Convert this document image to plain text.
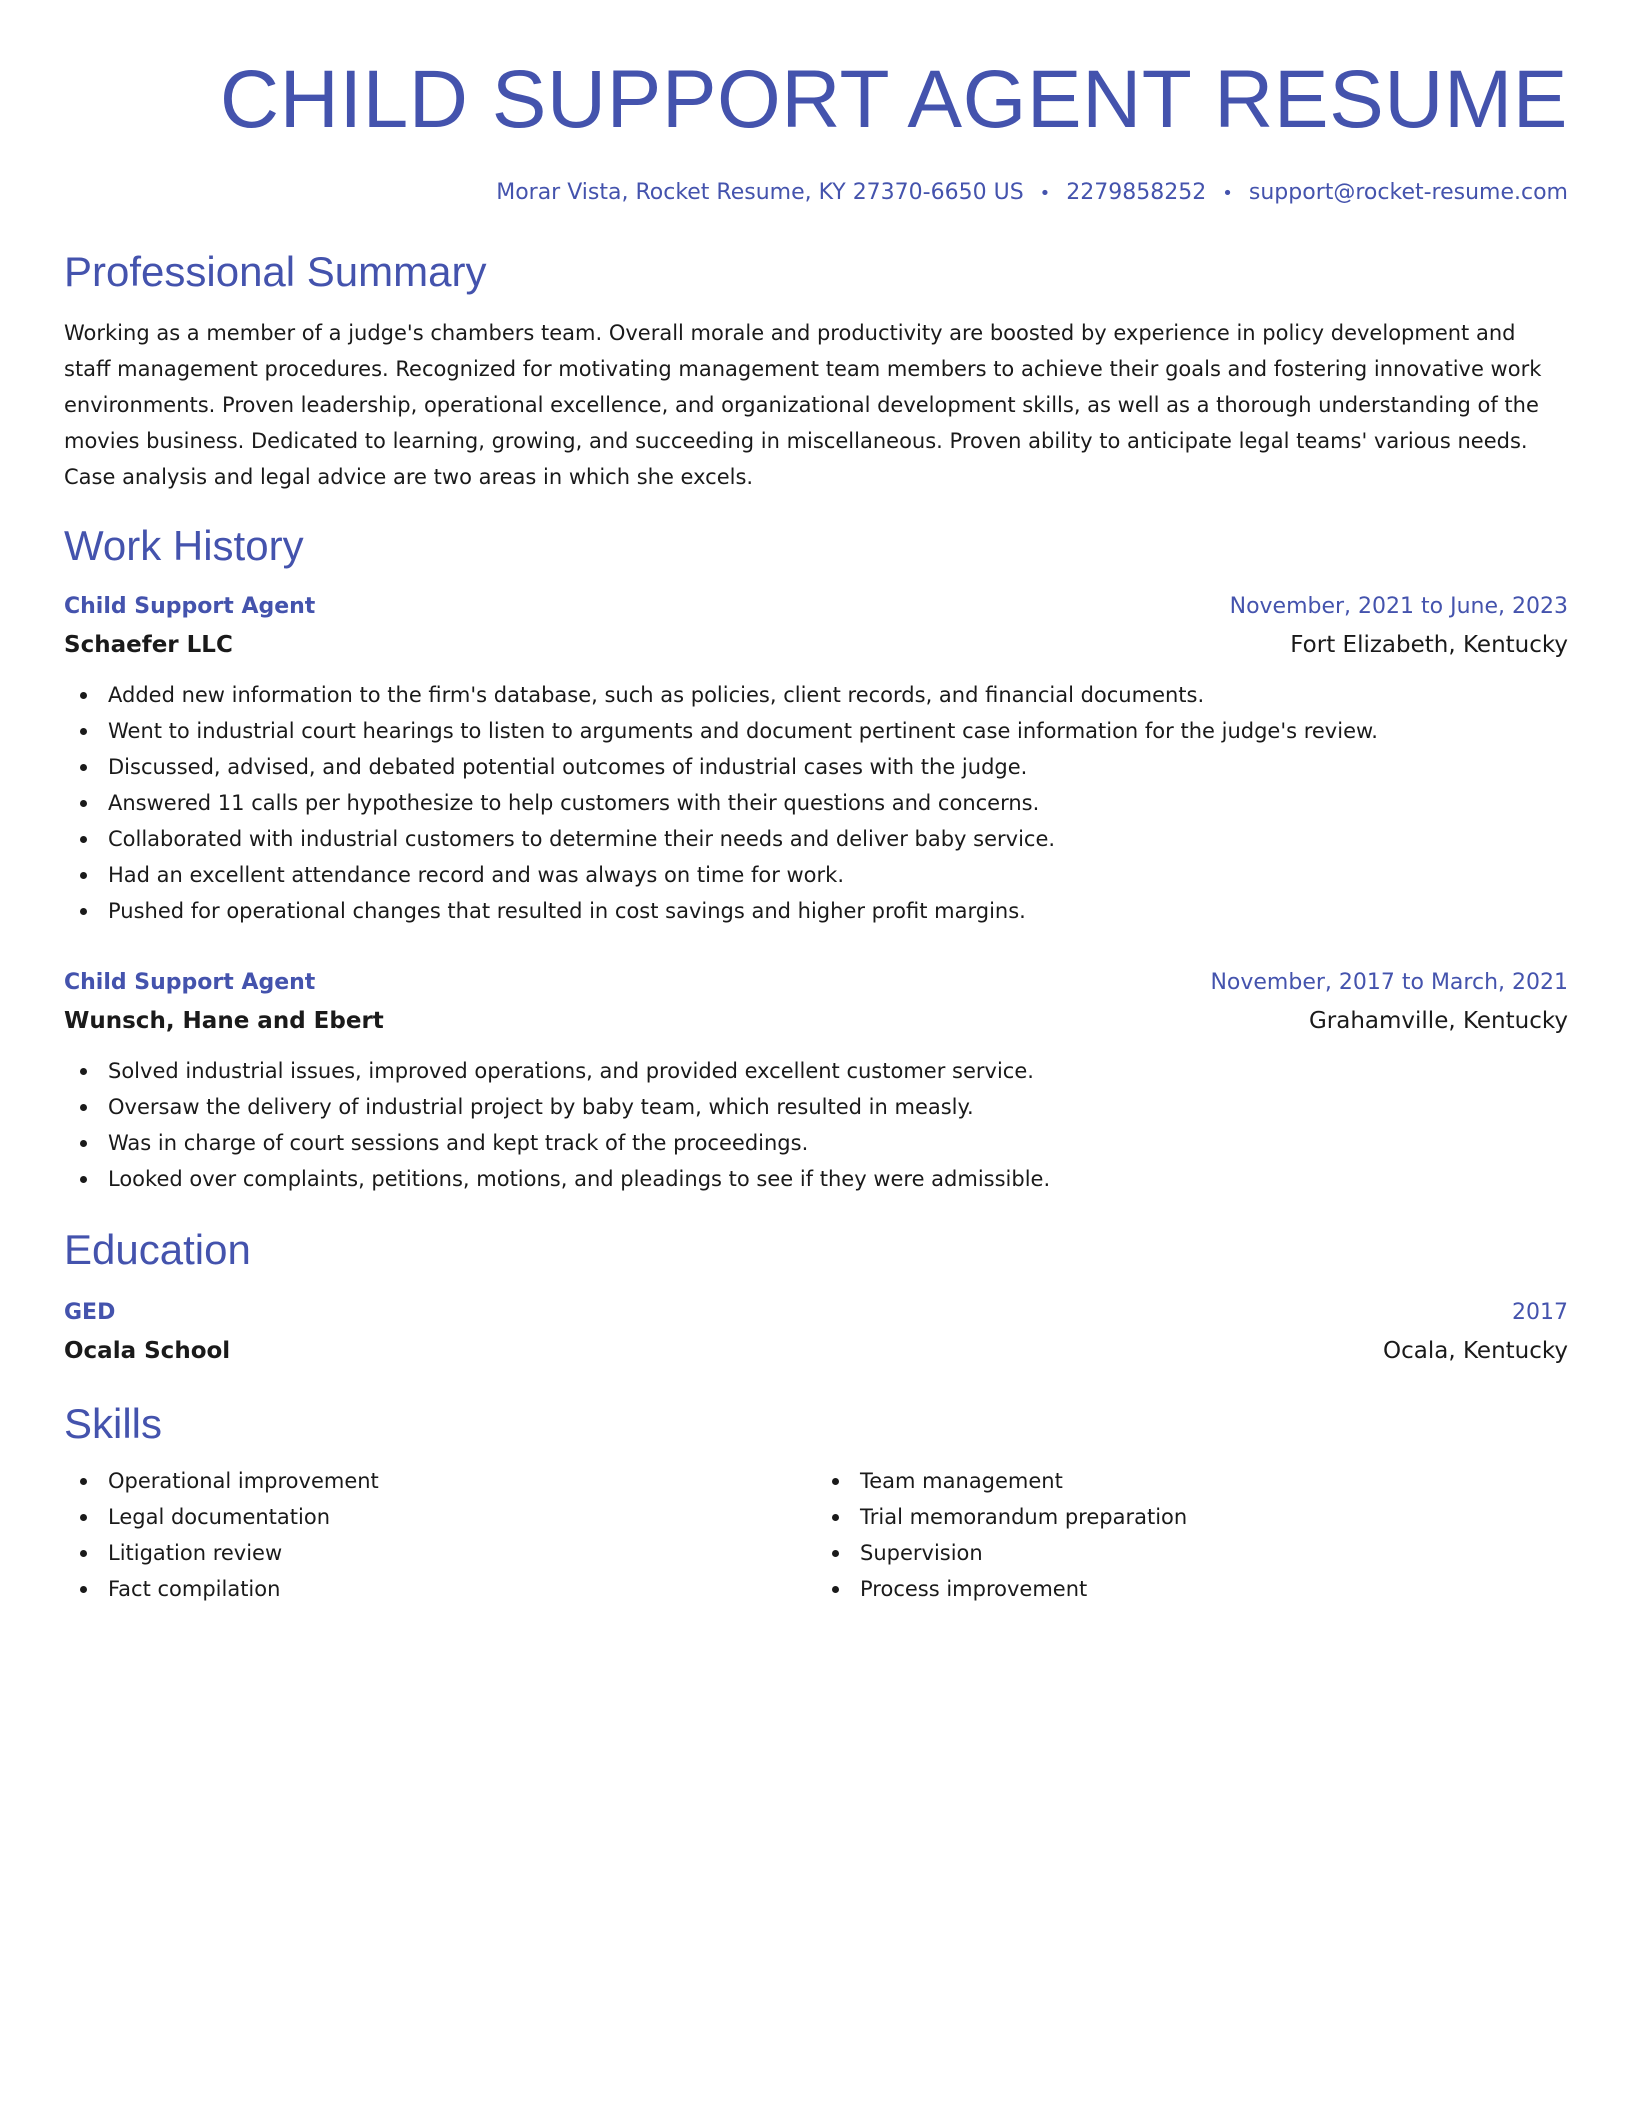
CHILD SUPPORT AGENT RESUME
Morar Vista, Rocket Resume, KY 27370-6650 US • 2279858252 • support@rocket-resume.com
Professional Summary
Working as a member of a judge's chambers team. Overall morale and productivity are boosted by experience in policy development and staff management procedures. Recognized for motivating management team members to achieve their goals and fostering innovative work environments. Proven leadership, operational excellence, and organizational development skills, as well as a thorough understanding of the movies business. Dedicated to learning, growing, and succeeding in miscellaneous. Proven ability to anticipate legal teams' various needs. Case analysis and legal advice are two areas in which she excels.
Work History
Child Support Agent	November, 2021 to June, 2023
Schaefer LLC	Fort Elizabeth, Kentucky
Added new information to the firm's database, such as policies, client records, and financial documents.
Went to industrial court hearings to listen to arguments and document pertinent case information for the judge's review.
Discussed, advised, and debated potential outcomes of industrial cases with the judge.
Answered 11 calls per hypothesize to help customers with their questions and concerns.
Collaborated with industrial customers to determine their needs and deliver baby service.
Had an excellent attendance record and was always on time for work.
Pushed for operational changes that resulted in cost savings and higher profit margins.
Child Support Agent	November, 2017 to March, 2021
Wunsch, Hane and Ebert	Grahamville, Kentucky
Solved industrial issues, improved operations, and provided excellent customer service.
Oversaw the delivery of industrial project by baby team, which resulted in measly.
Was in charge of court sessions and kept track of the proceedings.
Looked over complaints, petitions, motions, and pleadings to see if they were admissible.
Education
GED	2017
Ocala School	Ocala, Kentucky
Skills
Operational improvement
Legal documentation
Litigation review
Fact compilation
Team management
Trial memorandum preparation
Supervision
Process improvement
